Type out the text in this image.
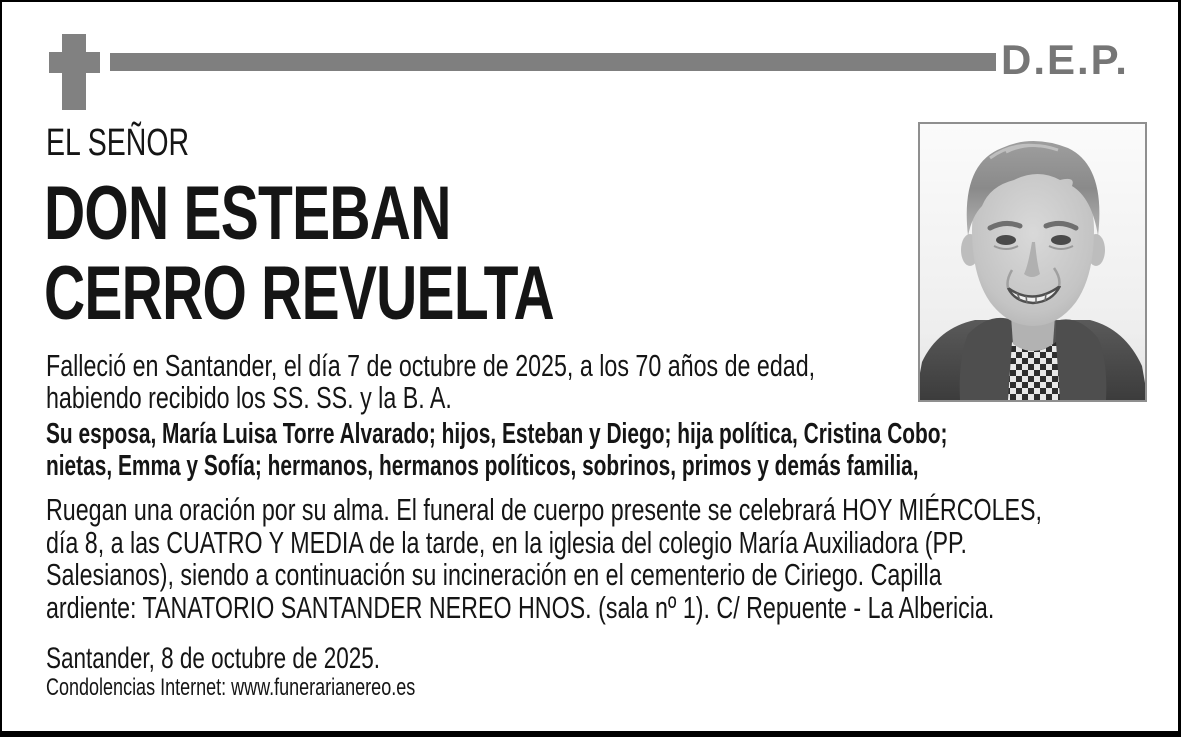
D.E.P.
EL SEÑOR
DON ESTEBAN
CERRO REVUELTA
Falleció en Santander, el día 7 de octubre de 2025, a los 70 años de edad,
habiendo recibido los SS. SS. y la B. A.
Su esposa, María Luisa Torre Alvarado; hijos, Esteban y Diego; hija política, Cristina Cobo;
nietas, Emma y Sofía; hermanos, hermanos políticos, sobrinos, primos y demás familia,
Ruegan una oración por su alma. El funeral de cuerpo presente se celebrará HOY MIÉRCOLES,
día 8, a las CUATRO Y MEDIA de la tarde, en la iglesia del colegio María Auxiliadora (PP.
Salesianos), siendo a continuación su incineración en el cementerio de Ciriego. Capilla
ardiente: TANATORIO SANTANDER NEREO HNOS. (sala nº 1). C/ Repuente - La Albericia.
Santander, 8 de octubre de 2025.
Condolencias Internet: www.funerarianereo.es
